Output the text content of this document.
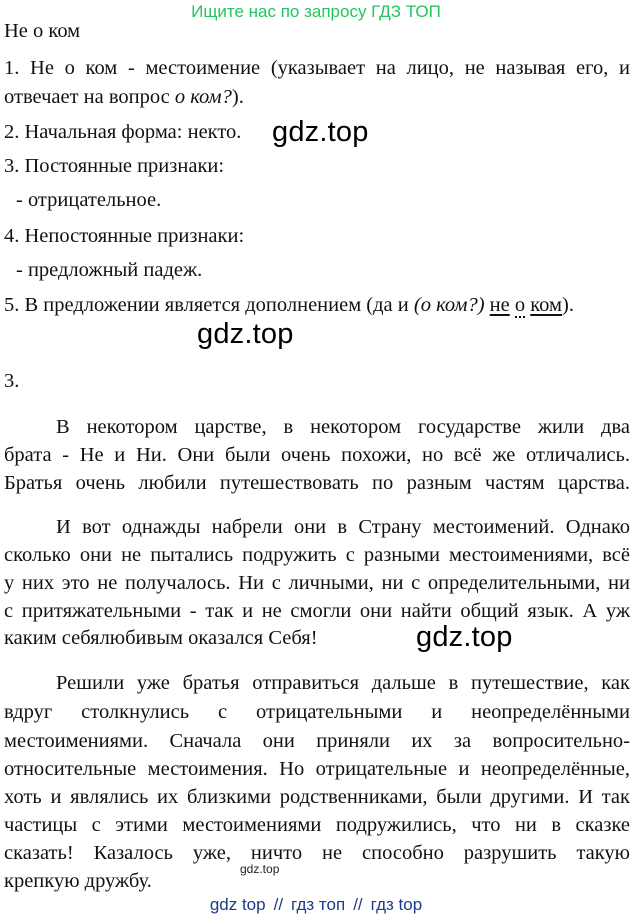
Ищите нас по запросу ГДЗ ТОП
Не о ком
1. Не о ком - местоимение (указывает на лицо, не называя его, и
отвечает на вопрос о ком?).
2. Начальная форма: некто.
3. Постоянные признаки:
- отрицательное.
4. Непостоянные признаки:
- предложный падеж.
5. В предложении является дополнением (да и (о ком?) не о ком).
3.
В некотором царстве, в некотором государстве жили два
брата - Не и Ни. Они были очень похожи, но всё же отличались.
Братья очень любили путешествовать по разным частям царства.
И вот однажды набрели они в Страну местоимений. Однако
сколько они не пытались подружить с разными местоимениями, всё
у них это не получалось. Ни с личными, ни с определительными, ни
с притяжательными - так и не смогли они найти общий язык. А уж
каким себялюбивым оказался Себя!
Решили уже братья отправиться дальше в путешествие, как
вдруг столкнулись с отрицательными и неопределёнными
местоимениями. Сначала они приняли их за вопросительно-
относительные местоимения. Но отрицательные и неопределённые,
хоть и являлись их близкими родственниками, были другими. И так
частицы с этими местоимениями подружились, что ни в сказке
сказать! Казалось уже, ничто не способно разрушить такую
крепкую дружбу.
gdz.top
gdz.top
gdz.top
gdz.top
gdz top // гдз топ // гдз top
